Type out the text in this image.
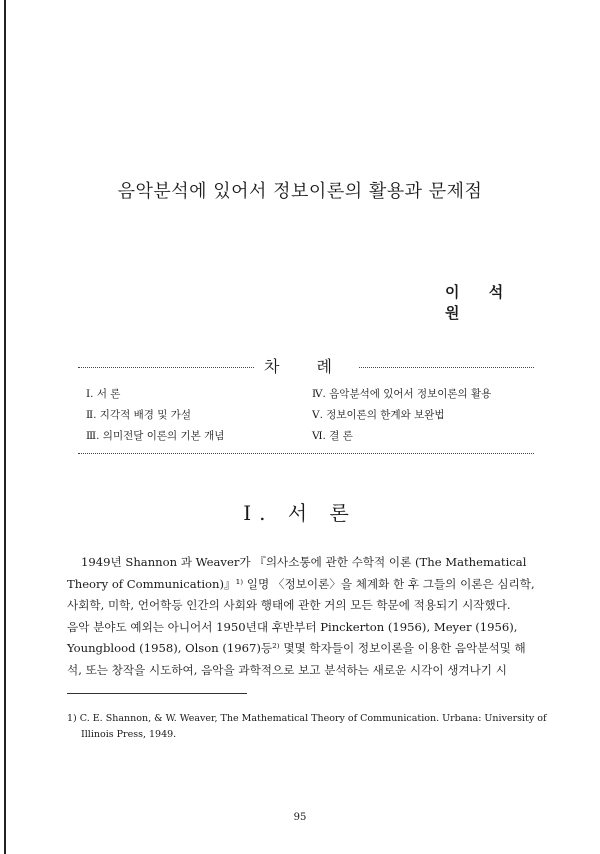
음악분석에 있어서 정보이론의 활용과 문제점
이 석 원
차 례
Ⅰ. 서 론
Ⅱ. 지각적 배경 및 가설
Ⅲ. 의미전달 이론의 기본 개념
Ⅳ. 음악분석에 있어서 정보이론의 활용
Ⅴ. 정보이론의 한계와 보완법
Ⅵ. 결 론
Ⅰ. 서 론
1949년 Shannon 과 Weaver가 『의사소통에 관한 수학적 이론 (The Mathematical
Theory of Communication)』¹⁾ 일명 〈정보이론〉을 체계화 한 후 그들의 이론은 심리학,
사회학, 미학, 언어학등 인간의 사회와 행태에 관한 거의 모든 학문에 적용되기 시작했다.
음악 분야도 예외는 아니어서 1950년대 후반부터 Pinckerton (1956), Meyer (1956),
Youngblood (1958), Olson (1967)등²⁾ 몇몇 학자들이 정보이론을 이용한 음악분석및 해
석, 또는 창작을 시도하여, 음악을 과학적으로 보고 분석하는 새로운 시각이 생겨나기 시
1) C. E. Shannon, & W. Weaver, The Mathematical Theory of Communication. Urbana: University of
Illinois Press, 1949.
95
